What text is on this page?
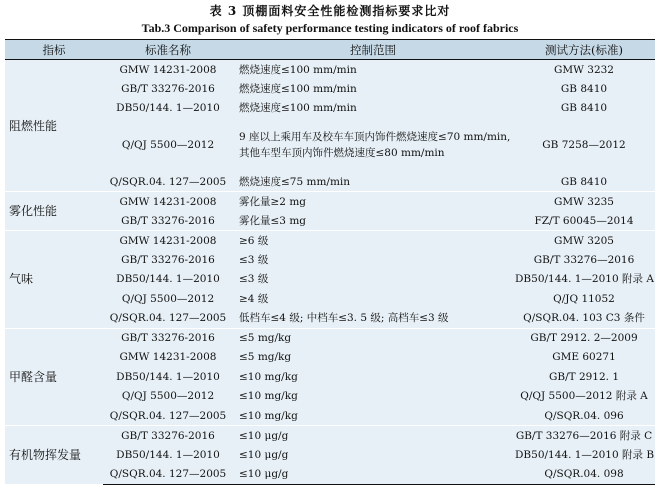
表 3 顶棚面料安全性能检测指标要求比对
Tab.3 Comparison of safety performance testing indicators of roof fabrics
指标	标准名称	控制范围	测试方法(标准)
阻燃性能	GMW 14231-2008	燃烧速度≤100 mm/min	GMW 3232
	GB/T 33276-2016	燃烧速度≤100 mm/min	GB 8410
	DB50/144. 1—2010	燃烧速度≤100 mm/min	GB 8410
	Q/QJ 5500—2012	9 座以上乘用车及校车车顶内饰件燃烧速度≤70 mm/min,其他车型车顶内饰件燃烧速度≤80 mm/min	GB 7258—2012
	Q/SQR.04. 127—2005	燃烧速度≤75 mm/min	GB 8410
雾化性能	GMW 14231-2008	雾化量≥2 mg	GMW 3235
	GB/T 33276-2016	雾化量≤3 mg	FZ/T 60045—2014
气味	GMW 14231-2008	≥6 级	GMW 3205
	GB/T 33276-2016	≤3 级	GB/T 33276—2016
	DB50/144. 1—2010	≤3 级	DB50/144. 1—2010 附录 A
	Q/QJ 5500—2012	≥4 级	Q/JQ 11052
	Q/SQR.04. 127—2005	低档车≤4 级; 中档车≤3. 5 级; 高档车≤3 级	Q/SQR.04. 103 C3 条件
甲醛含量	GB/T 33276-2016	≤5 mg/kg	GB/T 2912. 2—2009
	GMW 14231-2008	≤5 mg/kg	GME 60271
	DB50/144. 1—2010	≤10 mg/kg	GB/T 2912. 1
	Q/QJ 5500—2012	≤10 mg/kg	Q/QJ 5500—2012 附录 A
	Q/SQR.04. 127—2005	≤10 mg/kg	Q/SQR.04. 096
有机物挥发量	GB/T 33276-2016	≤10 μg/g	GB/T 33276—2016 附录 C
	DB50/144. 1—2010	≤10 μg/g	DB50/144. 1—2010 附录 B
	Q/SQR.04. 127—2005	≤10 μg/g	Q/SQR.04. 098
